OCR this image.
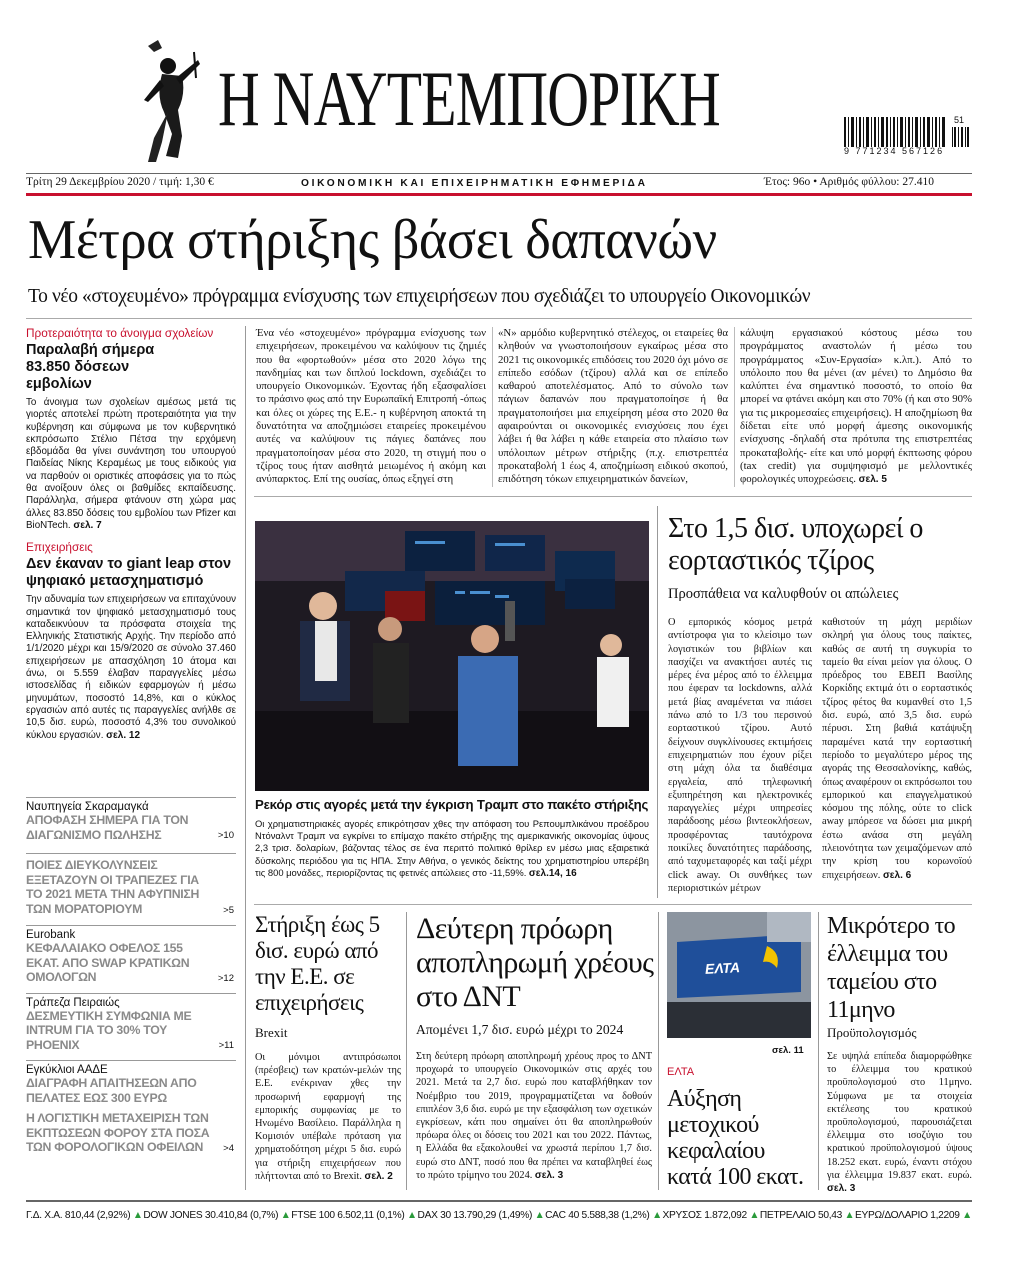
Η ΝΑΥΤΕΜΠΟΡΙΚΗ
9 771234 567126
51
Τρίτη 29 Δεκεμβρίου 2020 / τιμή: 1,30 €	ΟΙΚΟΝΟΜΙΚΗ ΚΑΙ ΕΠΙΧΕΙΡΗΜΑΤΙΚΗ ΕΦΗΜΕΡΙΔΑ	Έτος: 96ο • Αριθμός φύλλου: 27.410
Μέτρα στήριξης βάσει δαπανών
Το νέο «στοχευμένο» πρόγραμμα ενίσχυσης των επιχειρήσεων που σχεδιάζει το υπουργείο Οικονομικών
Προτεραιότητα το άνοιγμα σχολείων
Παραλαβή σήμερα 83.850 δόσεων εμβολίων
Το άνοιγμα των σχολείων αμέσως μετά τις γιορτές αποτελεί πρώτη προτεραιότητα για την κυβέρνηση και σύμφωνα με τον κυβερνητικό εκπρόσωπο Στέλιο Πέτσα την ερχόμενη εβδομάδα θα γίνει συνάντηση του υπουργού Παιδείας Νίκης Κεραμέως με τους ειδικούς για να παρθούν οι οριστικές αποφάσεις για το πώς θα ανοίξουν όλες οι βαθμίδες εκπαίδευσης. Παράλληλα, σήμερα φτάνουν στη χώρα μας άλλες 83.850 δόσεις του εμβολίου των Pfizer και BioNTech. σελ. 7
Επιχειρήσεις
Δεν έκαναν το giant leap στον ψηφιακό μετασχηματισμό
Την αδυναμία των επιχειρήσεων να επιταχύνουν σημαντικά τον ψηφιακό μετασχηματισμό τους καταδεικνύουν τα πρόσφατα στοιχεία της Ελληνικής Στατιστικής Αρχής. Την περίοδο από 1/1/2020 μέχρι και 15/9/2020 σε σύνολο 37.460 επιχειρήσεων με απασχόληση 10 άτομα και άνω, οι 5.559 έλαβαν παραγγελίες μέσω ιστοσελίδας ή ειδικών εφαρμογών ή μέσω μηνυμάτων, ποσοστό 14,8%, και ο κύκλος εργασιών από αυτές τις παραγγελίες ανήλθε σε 10,5 δισ. ευρώ, ποσοστό 4,3% του συνολικού κύκλου εργασιών. σελ. 12
Ναυπηγεία Σκαραμαγκά
ΑΠΟΦΑΣΗ ΣΗΜΕΡΑ ΓΙΑ ΤΟΝ ΔΙΑΓΩΝΙΣΜΟ ΠΩΛΗΣΗΣ	>10
ΠΟΙΕΣ ΔΙΕΥΚΟΛΥΝΣΕΙΣ ΕΞΕΤΑΖΟΥΝ ΟΙ ΤΡΑΠΕΖΕΣ ΓΙΑ ΤΟ 2021 ΜΕΤΑ ΤΗΝ ΑΦΥΠΝΙΣΗ ΤΩΝ ΜΟΡΑΤΟΡΙΟΥΜ	>5
Eurobank
ΚΕΦΑΛΑΙΑΚΟ ΟΦΕΛΟΣ 155 ΕΚΑΤ. ΑΠΟ SWAP ΚΡΑΤΙΚΩΝ ΟΜΟΛΟΓΩΝ	>12
Τράπεζα Πειραιώς
ΔΕΣΜΕΥΤΙΚΗ ΣΥΜΦΩΝΙΑ ΜΕ INTRUM ΓΙΑ ΤΟ 30% ΤΟΥ PHOENIX	>11
Εγκύκλιοι ΑΑΔΕ
ΔΙΑΓΡΑΦΗ ΑΠΑΙΤΗΣΕΩΝ ΑΠΟ ΠΕΛΑΤΕΣ ΕΩΣ 300 ΕΥΡΩ
Η ΛΟΓΙΣΤΙΚΗ ΜΕΤΑΧΕΙΡΙΣΗ ΤΩΝ ΕΚΠΤΩΣΕΩΝ ΦΟΡΟΥ ΣΤΑ ΠΟΣΑ ΤΩΝ ΦΟΡΟΛΟΓΙΚΩΝ ΟΦΕΙΛΩΝ	>4
Ένα νέο «στοχευμένο» πρόγραμμα ενίσχυσης των επιχειρήσεων, προκειμένου να καλύψουν τις ζημιές που θα «φορτωθούν» μέσα στο 2020 λόγω της πανδημίας και των διπλού lockdown, σχεδιάζει το υπουργείο Οικονομικών. Έχοντας ήδη εξασφαλίσει το πράσινο φως από την Ευρωπαϊκή Επιτροπή -όπως και όλες οι χώρες της Ε.Ε.- η κυβέρνηση αποκτά τη δυνατότητα να αποζημιώσει εταιρείες προκειμένου αυτές να καλύψουν τις πάγιες δαπάνες που πραγματοποίησαν μέσα στο 2020, τη στιγμή που ο τζίρος τους ήταν αισθητά μειωμένος ή ακόμη και ανύπαρκτος. Επί της ουσίας, όπως εξηγεί στη
«Ν» αρμόδιο κυβερνητικό στέλεχος, οι εταιρείες θα κληθούν να γνωστοποιήσουν εγκαίρως μέσα στο 2021 τις οικονομικές επιδόσεις του 2020 όχι μόνο σε επίπεδο εσόδων (τζίρου) αλλά και σε επίπεδο καθαρού αποτελέσματος. Από το σύνολο των πάγιων δαπανών που πραγματοποίησε ή θα πραγματοποιήσει μια επιχείρηση μέσα στο 2020 θα αφαιρούνται οι οικονομικές ενισχύσεις που έχει λάβει ή θα λάβει η κάθε εταιρεία στο πλαίσιο των υπόλοιπων μέτρων στήριξης (π.χ. επιστρεπτέα προκαταβολή 1 έως 4, αποζημίωση ειδικού σκοπού, επιδότηση τόκων επιχειρηματικών δανείων,
κάλυψη εργασιακού κόστους μέσω του προγράμματος αναστολών ή μέσω του προγράμματος «Συν-Εργασία» κ.λπ.). Από το υπόλοιπο που θα μένει (αν μένει) το Δημόσιο θα καλύπτει ένα σημαντικό ποσοστό, το οποίο θα μπορεί να φτάνει ακόμη και στο 70% (ή και στο 90% για τις μικρομεσαίες επιχειρήσεις). Η αποζημίωση θα δίδεται είτε υπό μορφή άμεσης οικονομικής ενίσχυσης -δηλαδή στα πρότυπα της επιστρεπτέας προκαταβολής- είτε και υπό μορφή έκπτωσης φόρου (tax credit) για συμψηφισμό με μελλοντικές φορολογικές υποχρεώσεις. σελ. 5
Ρεκόρ στις αγορές μετά την έγκριση Τραμπ στο πακέτο στήριξης
Οι χρηματιστηριακές αγορές επικρότησαν χθες την απόφαση του Ρεπουμπλικάνου προέδρου Ντόναλντ Τραμπ να εγκρίνει το επίμαχο πακέτο στήριξης της αμερικανικής οικονομίας ύψους 2,3 τρισ. δολαρίων, βάζοντας τέλος σε ένα περιττό πολιτικό θρίλερ εν μέσω μιας εξαιρετικά δύσκολης περιόδου για τις ΗΠΑ. Στην Αθήνα, ο γενικός δείκτης του χρηματιστηρίου υπερέβη τις 800 μονάδες, περιορίζοντας τις φετινές απώλειες στο -11,59%. σελ.14, 16
Στο 1,5 δισ. υποχωρεί ο εορταστικός τζίρος
Προσπάθεια να καλυφθούν οι απώλειες
Ο εμπορικός κόσμος μετρά αντίστροφα για το κλείσιμο των λογιστικών του βιβλίων και πασχίζει να ανακτήσει αυτές τις μέρες ένα μέρος από το έλλειμμα που έφεραν τα lockdowns, αλλά μετά βίας αναμένεται να πιάσει πάνω από το 1/3 του περσινού εορταστικού τζίρου. Αυτό δείχνουν συγκλίνουσες εκτιμήσεις επιχειρηματιών που έχουν ρίξει στη μάχη όλα τα διαθέσιμα εργαλεία, από τηλεφωνική εξυπηρέτηση και ηλεκτρονικές παραγγελίες μέχρι υπηρεσίες παράδοσης μέσω βιντεοκλήσεων, προσφέροντας ταυτόχρονα ποικίλες δυνατότητες παράδοσης, από ταχυμεταφορές και ταξί μέχρι click away. Οι συνθήκες των περιοριστικών μέτρων
καθιστούν τη μάχη μεριδίων σκληρή για όλους τους παίκτες, καθώς σε αυτή τη συγκυρία το ταμείο θα είναι μείον για όλους. Ο πρόεδρος του ΕΒΕΠ Βασίλης Κορκίδης εκτιμά ότι ο εορταστικός τζίρος φέτος θα κυμανθεί στο 1,5 δισ. ευρώ, από 3,5 δισ. ευρώ πέρυσι. Στη βαθιά κατάψυξη παραμένει κατά την εορταστική περίοδο το μεγαλύτερο μέρος της αγοράς της Θεσσαλονίκης, καθώς, όπως αναφέρουν οι εκπρόσωποι του εμπορικού και επαγγελματικού κόσμου της πόλης, ούτε το click away μπόρεσε να δώσει μια μικρή έστω ανάσα στη μεγάλη πλειονότητα των χειμαζόμενων από την κρίση του κορωνοϊού επιχειρήσεων. σελ. 6
Στήριξη έως 5 δισ. ευρώ από την Ε.Ε. σε επιχειρήσεις
Brexit
Οι μόνιμοι αντιπρόσωποι (πρέσβεις) των κρατών-μελών της Ε.Ε. ενέκριναν χθες την προσωρινή εφαρμογή της εμπορικής συμφωνίας με το Ηνωμένο Βασίλειο. Παράλληλα η Κομισιόν υπέβαλε πρόταση για χρηματοδότηση μέχρι 5 δισ. ευρώ για στήριξη επιχειρήσεων που πλήττονται από το Brexit. σελ. 2
Δεύτερη πρόωρη αποπληρωμή χρέους στο ΔΝΤ
Απομένει 1,7 δισ. ευρώ μέχρι το 2024
Στη δεύτερη πρόωρη αποπληρωμή χρέους προς το ΔΝΤ προχωρά το υπουργείο Οικονομικών στις αρχές του 2021. Μετά τα 2,7 δισ. ευρώ που καταβλήθηκαν τον Νοέμβριο του 2019, προγραμματίζεται να δοθούν επιπλέον 3,6 δισ. ευρώ με την εξασφάλιση των σχετικών εγκρίσεων, κάτι που σημαίνει ότι θα αποπληρωθούν πρόωρα όλες οι δόσεις του 2021 και του 2022. Πάντως, η Ελλάδα θα εξακολουθεί να χρωστά περίπου 1,7 δισ. ευρώ στο ΔΝΤ, ποσό που θα πρέπει να καταβληθεί έως το πρώτο τρίμηνο του 2024. σελ. 3
ΕΛΤΑ
σελ. 11
ΕΛΤΑ
Αύξηση μετοχικού κεφαλαίου κατά 100 εκατ.
Μικρότερο το έλλειμμα του ταμείου στο 11μηνο
Προϋπολογισμός
Σε υψηλά επίπεδα διαμορφώθηκε το έλλειμμα του κρατικού προϋπολογισμού στο 11μηνο. Σύμφωνα με τα στοιχεία εκτέλεσης του κρατικού προϋπολογισμού, παρουσιάζεται έλλειμμα στο ισοζύγιο του κρατικού προϋπολογισμού ύψους 18.252 εκατ. ευρώ, έναντι στόχου για έλλειμμα 19.837 εκατ. ευρώ. σελ. 3
Γ.Δ. Χ.Α. 810,44 (2,92%) ▲ DOW JONES 30.410,84 (0,7%) ▲ FTSE 100 6.502,11 (0,1%) ▲ DAX 30 13.790,29 (1,49%) ▲ CAC 40 5.588,38 (1,2%) ▲ ΧΡΥΣΟΣ 1.872,092 ▲ ΠΕΤΡΕΛΑΙΟ 50,43 ▲ ΕΥΡΩ/ΔΟΛΑΡΙΟ 1,2209 ▲
